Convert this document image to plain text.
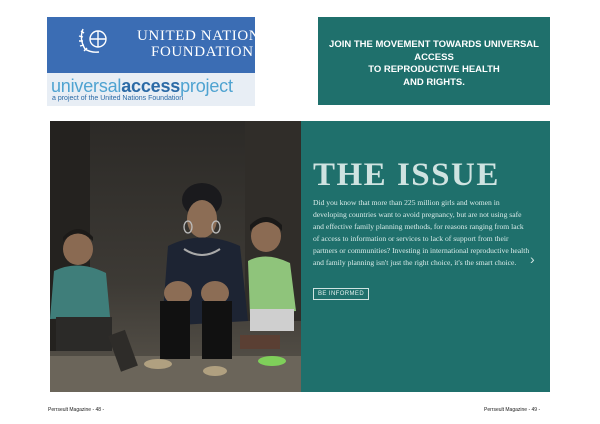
UNITED NATIONS
FOUNDATION
universalaccessproject
a project of the United Nations Foundation
JOIN THE MOVEMENT TOWARDS UNIVERSAL
ACCESS
TO REPRODUCTIVE HEALTH
AND RIGHTS.
THE ISSUE
Did you know that more than 225 million girls and women in developing countries want to avoid pregnancy, but are not using safe and effective family planning methods, for reasons ranging from lack of access to information or services to lack of support from their partners or communities? Investing in international reproductive health and family planning isn't just the right choice, it's the smart choice.
BE INFORMED
›
Perrseult Magazine - 48 -	Perrseult Magazine - 49 -
